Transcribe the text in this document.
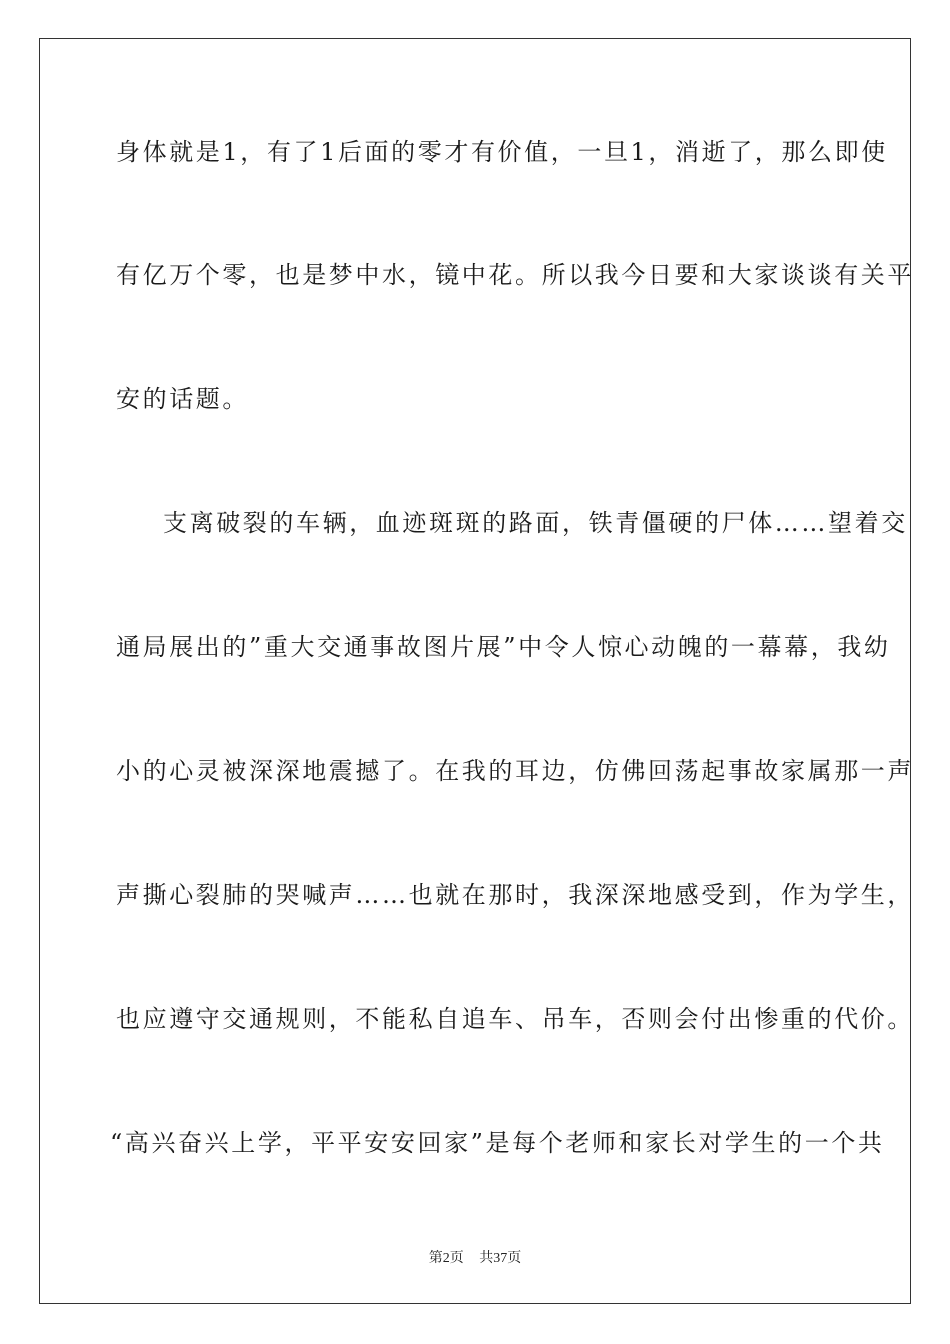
身体就是1，有了1后面的零才有价值，一旦1，消逝了，那么即使
有亿万个零，也是梦中水，镜中花。所以我今日要和大家谈谈有关平
安的话题。
支离破裂的车辆，血迹斑斑的路面，铁青僵硬的尸体……望着交
通局展出的”重大交通事故图片展”中令人惊心动魄的一幕幕，我幼
小的心灵被深深地震撼了。在我的耳边，仿佛回荡起事故家属那一声
声撕心裂肺的哭喊声……也就在那时，我深深地感受到，作为学生，
也应遵守交通规则，不能私自追车、吊车，否则会付出惨重的代价。
“高兴奋兴上学，平平安安回家”是每个老师和家长对学生的一个共
第2页 共37页
